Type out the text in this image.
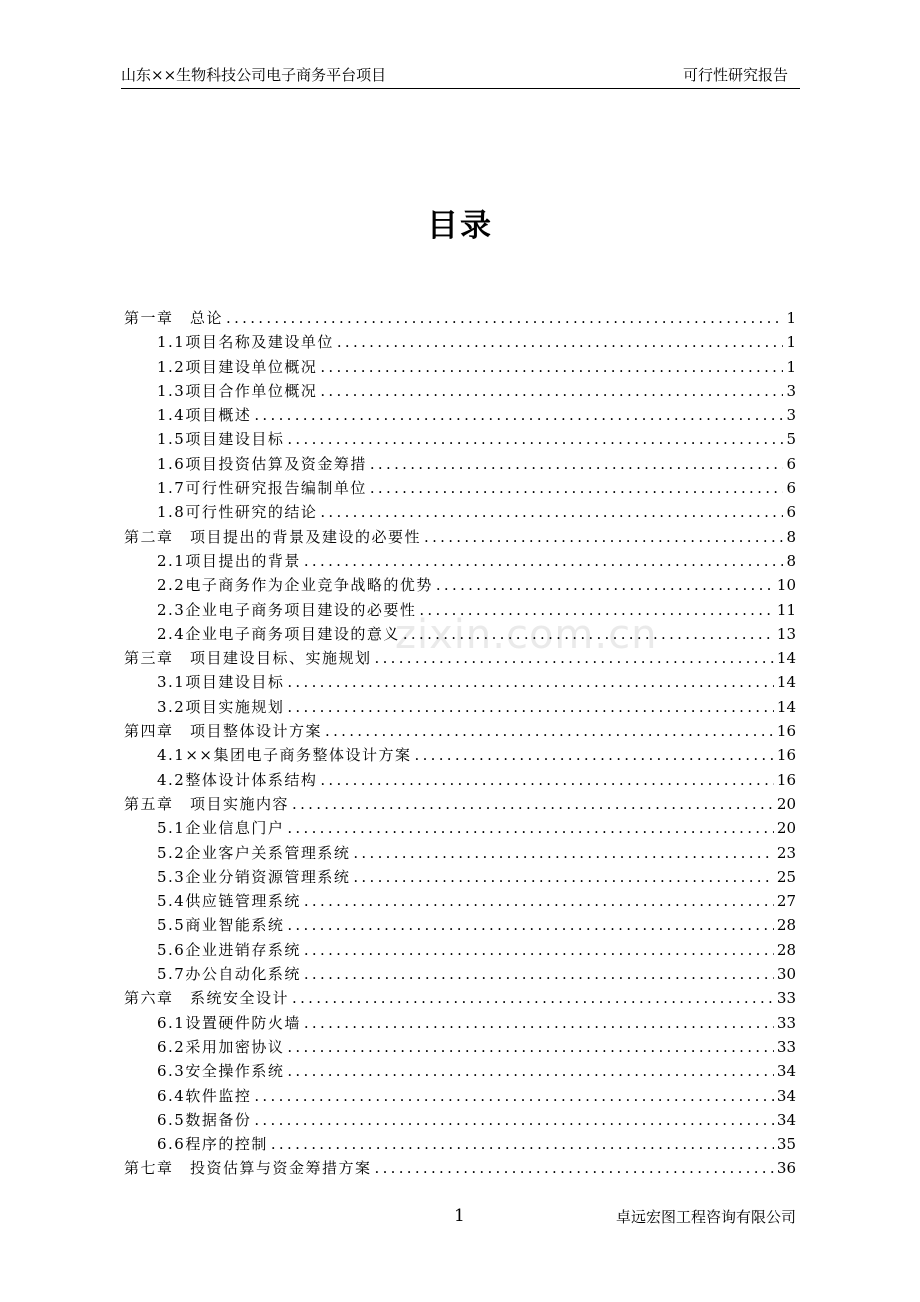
山东××生物科技公司电子商务平台项目	可行性研究报告
目录
zixin.com.cn
第一章　总论 .....	1
1.1项目名称及建设单位 .....	1
1.2项目建设单位概况 .....	1
1.3项目合作单位概况 .....	3
1.4项目概述 .....	3
1.5项目建设目标 .....	5
1.6项目投资估算及资金筹措 .....	6
1.7可行性研究报告编制单位 .....	6
1.8可行性研究的结论 .....	6
第二章　项目提出的背景及建设的必要性 .....	8
2.1项目提出的背景 .....	8
2.2电子商务作为企业竞争战略的优势 .....	10
2.3企业电子商务项目建设的必要性 .....	11
2.4企业电子商务项目建设的意义 .....	13
第三章　项目建设目标、实施规划 .....	14
3.1项目建设目标 .....	14
3.2项目实施规划 .....	14
第四章　项目整体设计方案 .....	16
4.1××集团电子商务整体设计方案 .....	16
4.2整体设计体系结构 .....	16
第五章　项目实施内容 .....	20
5.1企业信息门户 .....	20
5.2企业客户关系管理系统 .....	23
5.3企业分销资源管理系统 .....	25
5.4供应链管理系统 .....	27
5.5商业智能系统 .....	28
5.6企业进销存系统 .....	28
5.7办公自动化系统 .....	30
第六章　系统安全设计 .....	33
6.1设置硬件防火墙 .....	33
6.2采用加密协议 .....	33
6.3安全操作系统 .....	34
6.4软件监控 .....	34
6.5数据备份 .....	34
6.6程序的控制 .....	35
第七章　投资估算与资金筹措方案 .....	36
1	卓远宏图工程咨询有限公司
